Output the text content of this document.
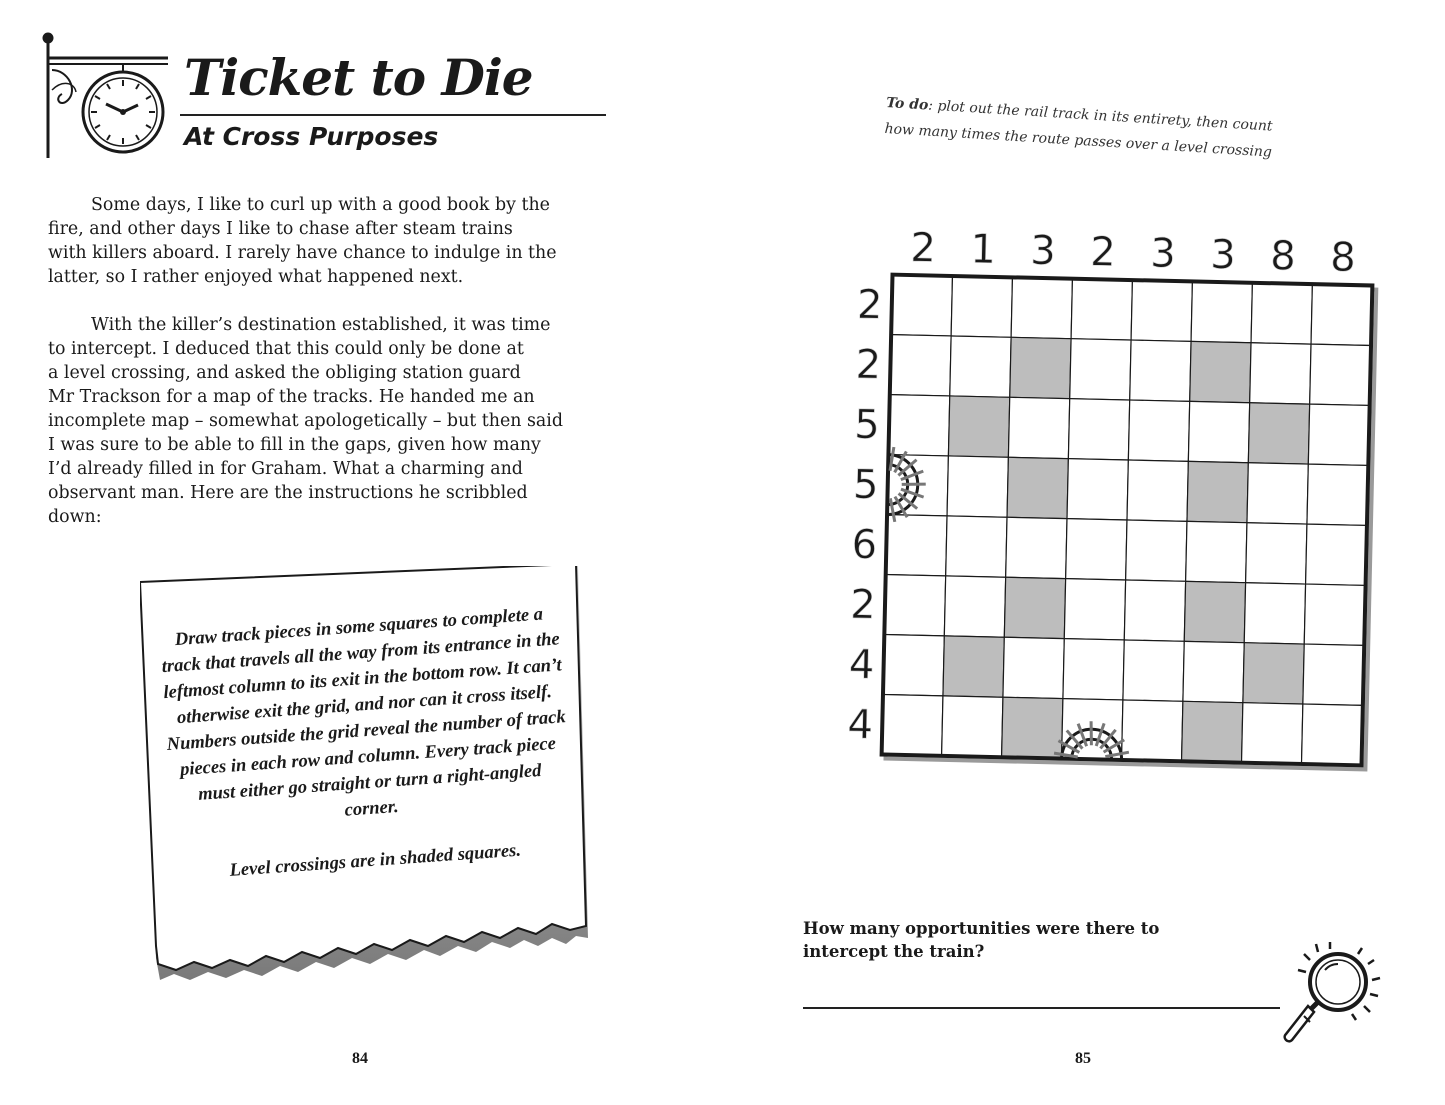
Ticket to Die
At Cross Purposes

Some days, I like to curl up with a good book by the
fire, and other days I like to chase after steam trains
with killers aboard. I rarely have chance to indulge in the
latter, so I rather enjoyed what happened next.

With the killer’s destination established, it was time
to intercept. I deduced that this could only be done at
a level crossing, and asked the obliging station guard
Mr Trackson for a map of the tracks. He handed me an
incomplete map – somewhat apologetically – but then said
I was sure to be able to fill in the gaps, given how many
I’d already filled in for Graham. What a charming and
observant man. Here are the instructions he scribbled
down:

Draw track pieces in some squares to complete a track that travels all the way from its entrance in the leftmost column to its exit in the bottom row. It can’t otherwise exit the grid, and nor can it cross itself. Numbers outside the grid reveal the number of track pieces in each row and column. Every track piece must either go straight or turn a right-angled corner.

Level crossings are in shaded squares.

84
To do: plot out the rail track in its entirety, then count how many times the route passes over a level crossing
2 1 3 2 3 3 8 8
2
2
5
5
6
2
4
4
How many opportunities were there to intercept the train?
85
